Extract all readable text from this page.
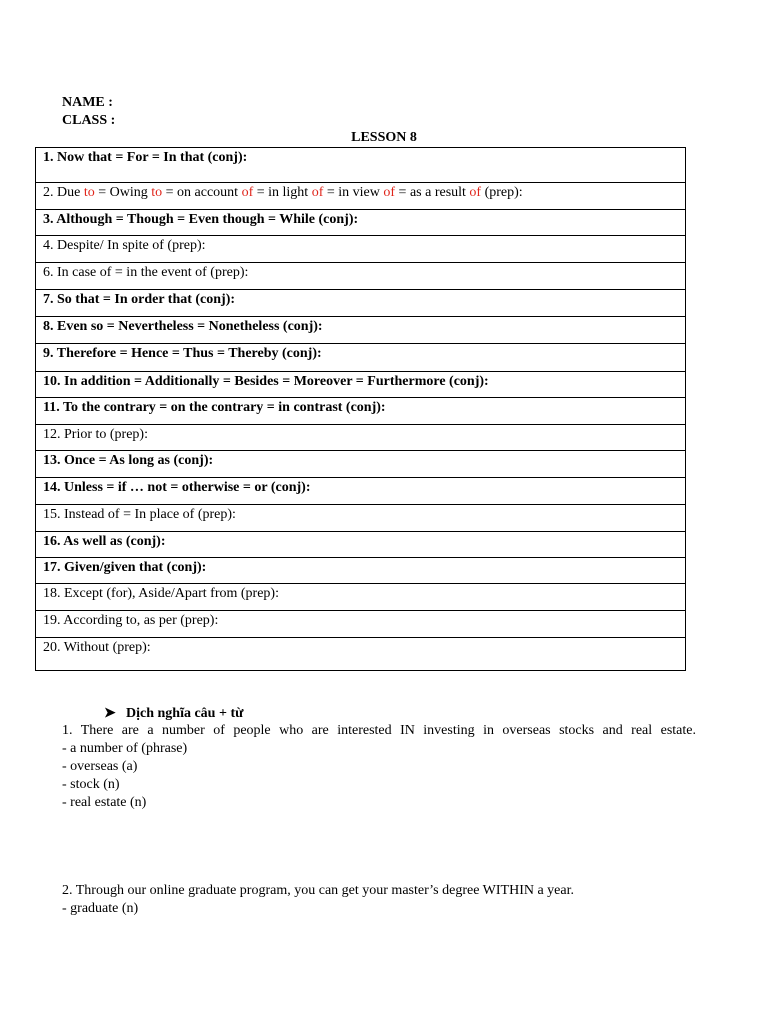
NAME :
CLASS :
LESSON 8
1. Now that = For = In that (conj):

2. Due to = Owing to = on account of = in light of = in view of = as a result of (prep):

3. Although = Though = Even though = While (conj):

4. Despite/ In spite of (prep):

6. In case of = in the event of (prep):

7. So that = In order that (conj):

8. Even so = Nevertheless = Nonetheless (conj):

9. Therefore = Hence = Thus = Thereby (conj):

10. In addition = Additionally = Besides = Moreover = Furthermore (conj):

11. To the contrary = on the contrary = in contrast (conj):

12. Prior to (prep):

13. Once = As long as (conj):

14. Unless = if … not = otherwise = or (conj):

15. Instead of = In place of (prep):

16. As well as (conj):

17. Given/given that (conj):

18. Except (for), Aside/Apart from (prep):

19. According to, as per (prep):

20. Without (prep):
➤ Dịch nghĩa câu + từ
1. There are a number of people who are interested IN investing in overseas stocks and real estate.
- a number of (phrase)
- overseas (a)
- stock (n)
- real estate (n)
2. Through our online graduate program, you can get your master’s degree WITHIN a year.
- graduate (n)
